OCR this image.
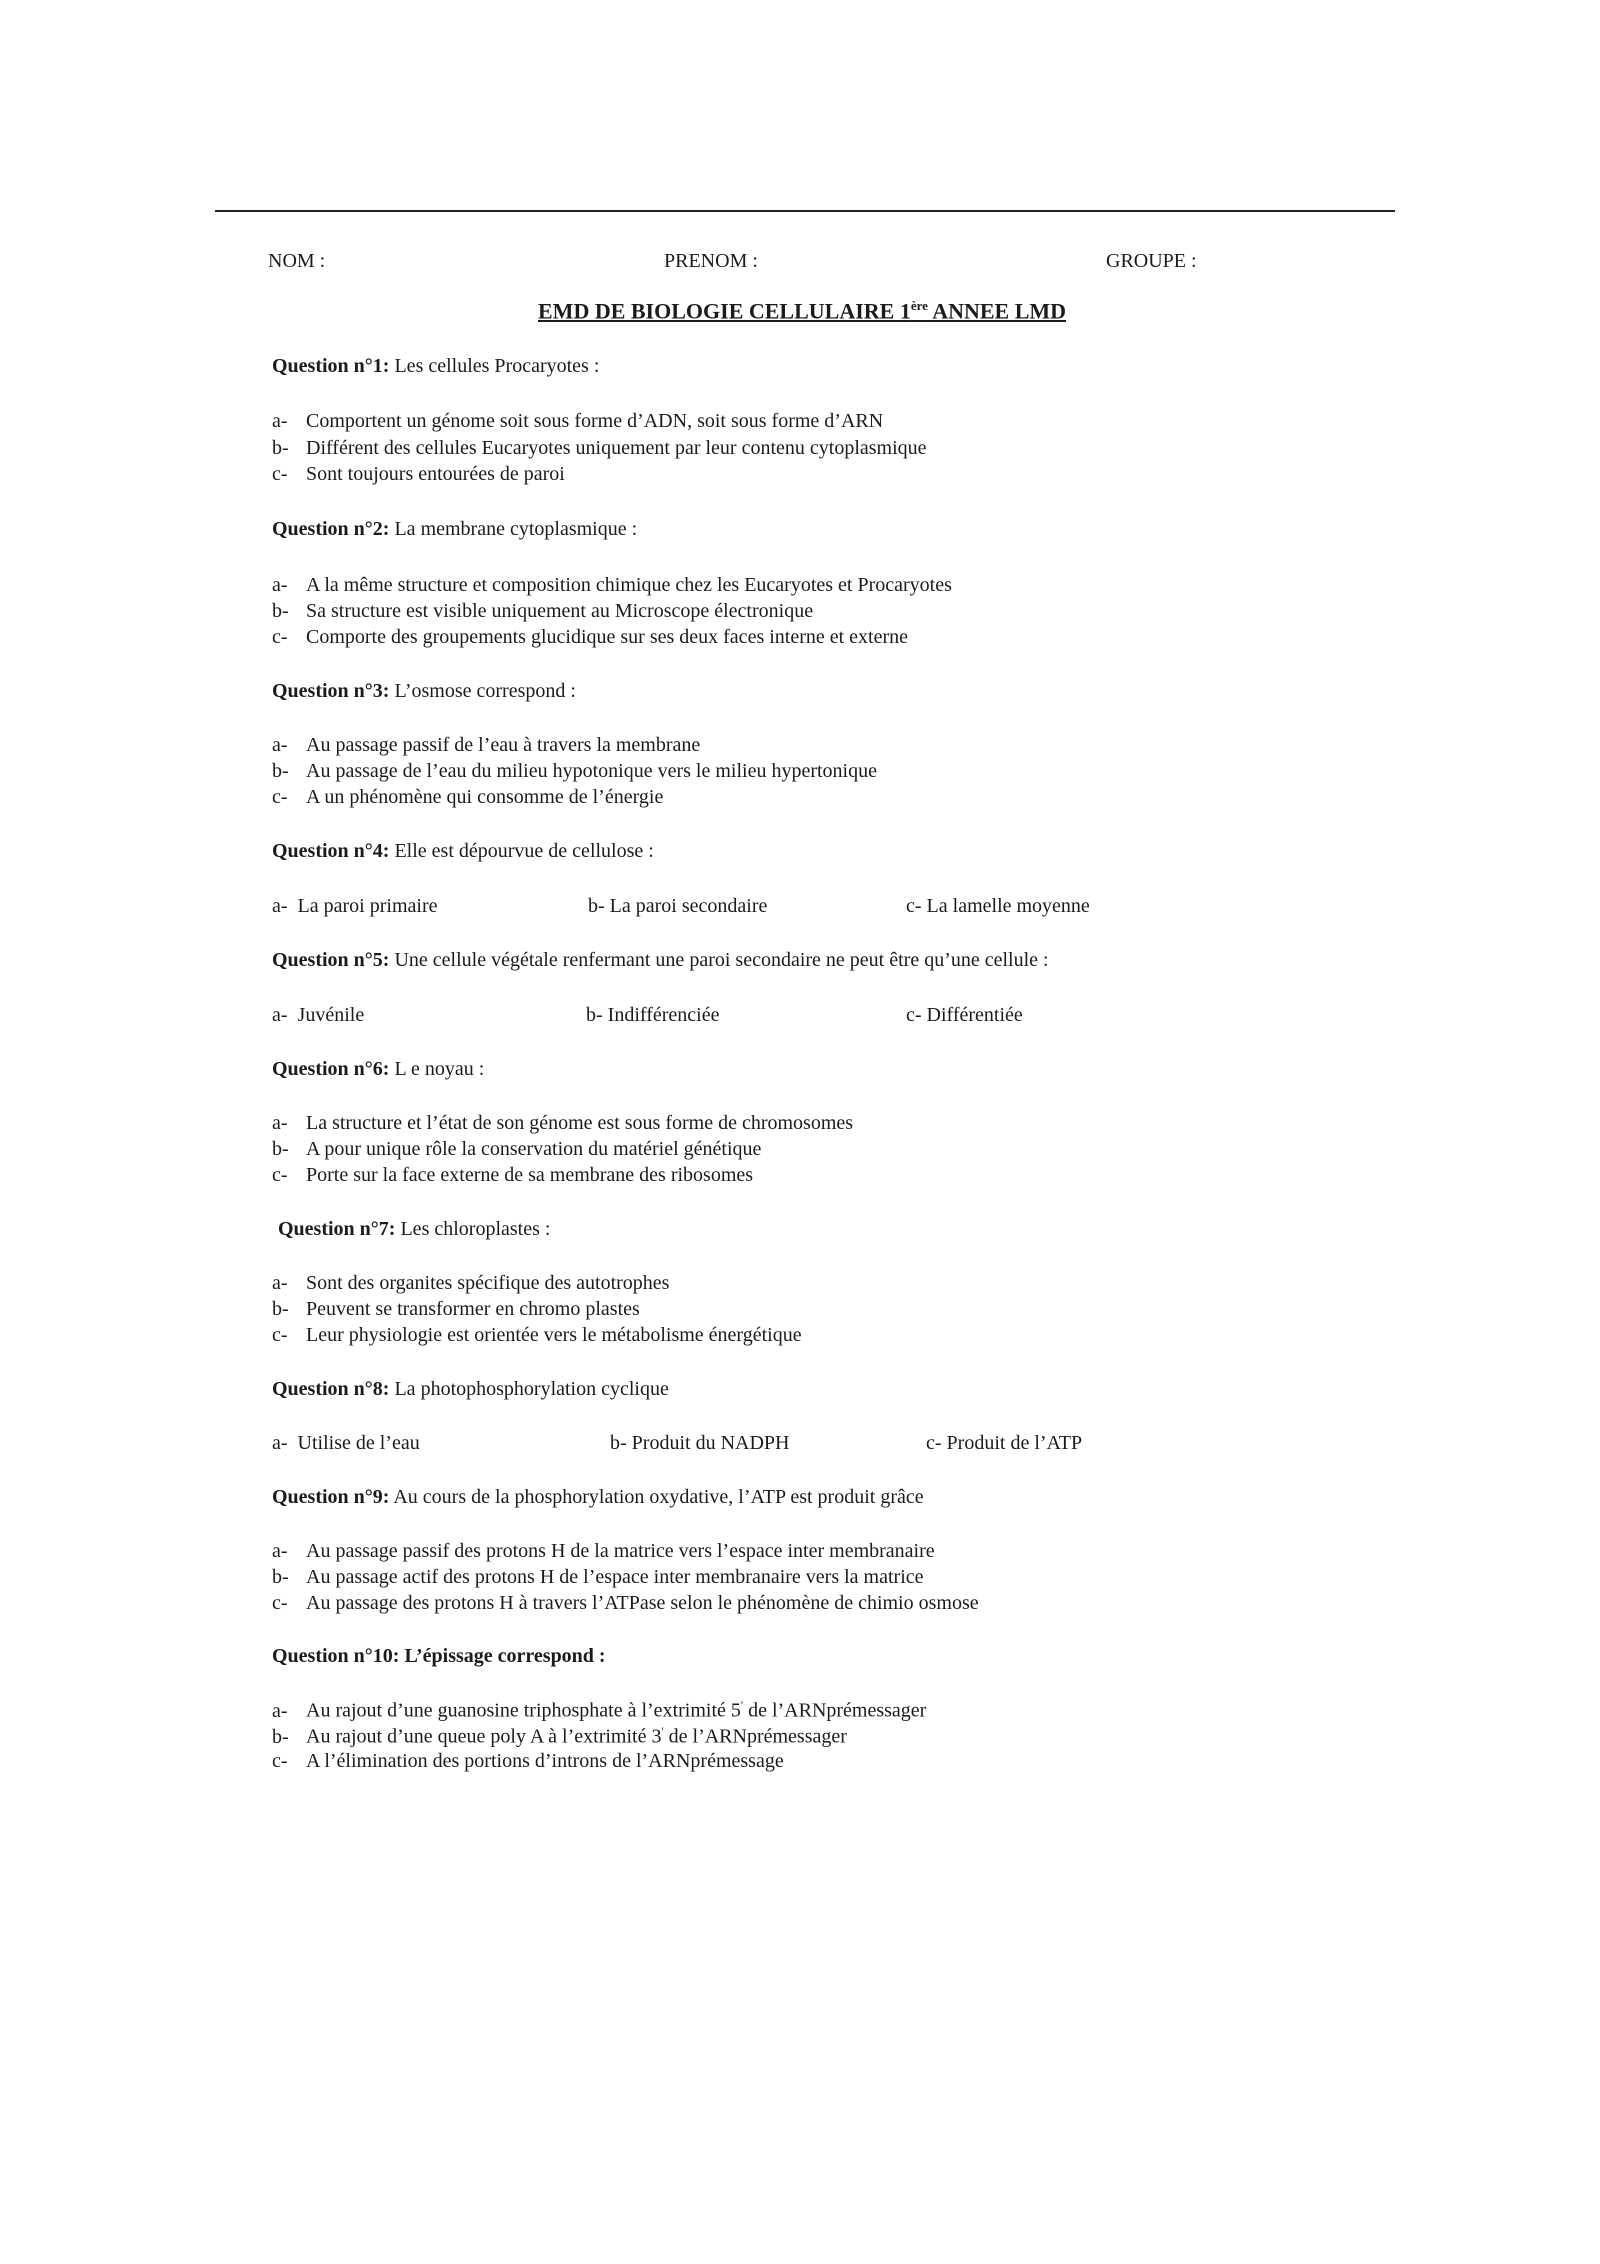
NOM :	PRENOM :	GROUPE :
EMD DE BIOLOGIE CELLULAIRE 1ère ANNEE LMD
Question n°1: Les cellules Procaryotes :
a- Comportent un génome soit sous forme d’ADN, soit sous forme d’ARN
b- Différent des cellules Eucaryotes uniquement par leur contenu cytoplasmique
c- Sont toujours entourées de paroi
Question n°2: La membrane cytoplasmique :
a- A la même structure et composition chimique chez les Eucaryotes et Procaryotes
b- Sa structure est visible uniquement au Microscope électronique
c- Comporte des groupements glucidique sur ses deux faces interne et externe
Question n°3: L’osmose correspond :
a- Au passage passif de l’eau à travers la membrane
b- Au passage de l’eau du milieu hypotonique vers le milieu hypertonique
c- A un phénomène qui consomme de l’énergie
Question n°4: Elle est dépourvue de cellulose :
a- La paroi primaire	b- La paroi secondaire	c- La lamelle moyenne
Question n°5: Une cellule végétale renfermant une paroi secondaire ne peut être qu’une cellule :
a- Juvénile	b- Indifférenciée	c- Différentiée
Question n°6: L e noyau :
a- La structure et l’état de son génome est sous forme de chromosomes
b- A pour unique rôle la conservation du matériel génétique
c- Porte sur la face externe de sa membrane des ribosomes
Question n°7: Les chloroplastes :
a- Sont des organites spécifique des autotrophes
b- Peuvent se transformer en chromo plastes
c- Leur physiologie est orientée vers le métabolisme énergétique
Question n°8: La photophosphorylation cyclique
a- Utilise de l’eau	b- Produit du NADPH	c- Produit de l’ATP
Question n°9: Au cours de la phosphorylation oxydative, l’ATP est produit grâce
a- Au passage passif des protons H de la matrice vers l’espace inter membranaire
b- Au passage actif des protons H de l’espace inter membranaire vers la matrice
c- Au passage des protons H à travers l’ATPase selon le phénomène de chimio osmose
Question n°10: L’épissage correspond :
a- Au rajout d’une guanosine triphosphate à l’extrimité 5' de l’ARNprémessager
b- Au rajout d’une queue poly A à l’extrimité 3' de l’ARNprémessager
c- A l’élimination des portions d’introns de l’ARNprémessage
